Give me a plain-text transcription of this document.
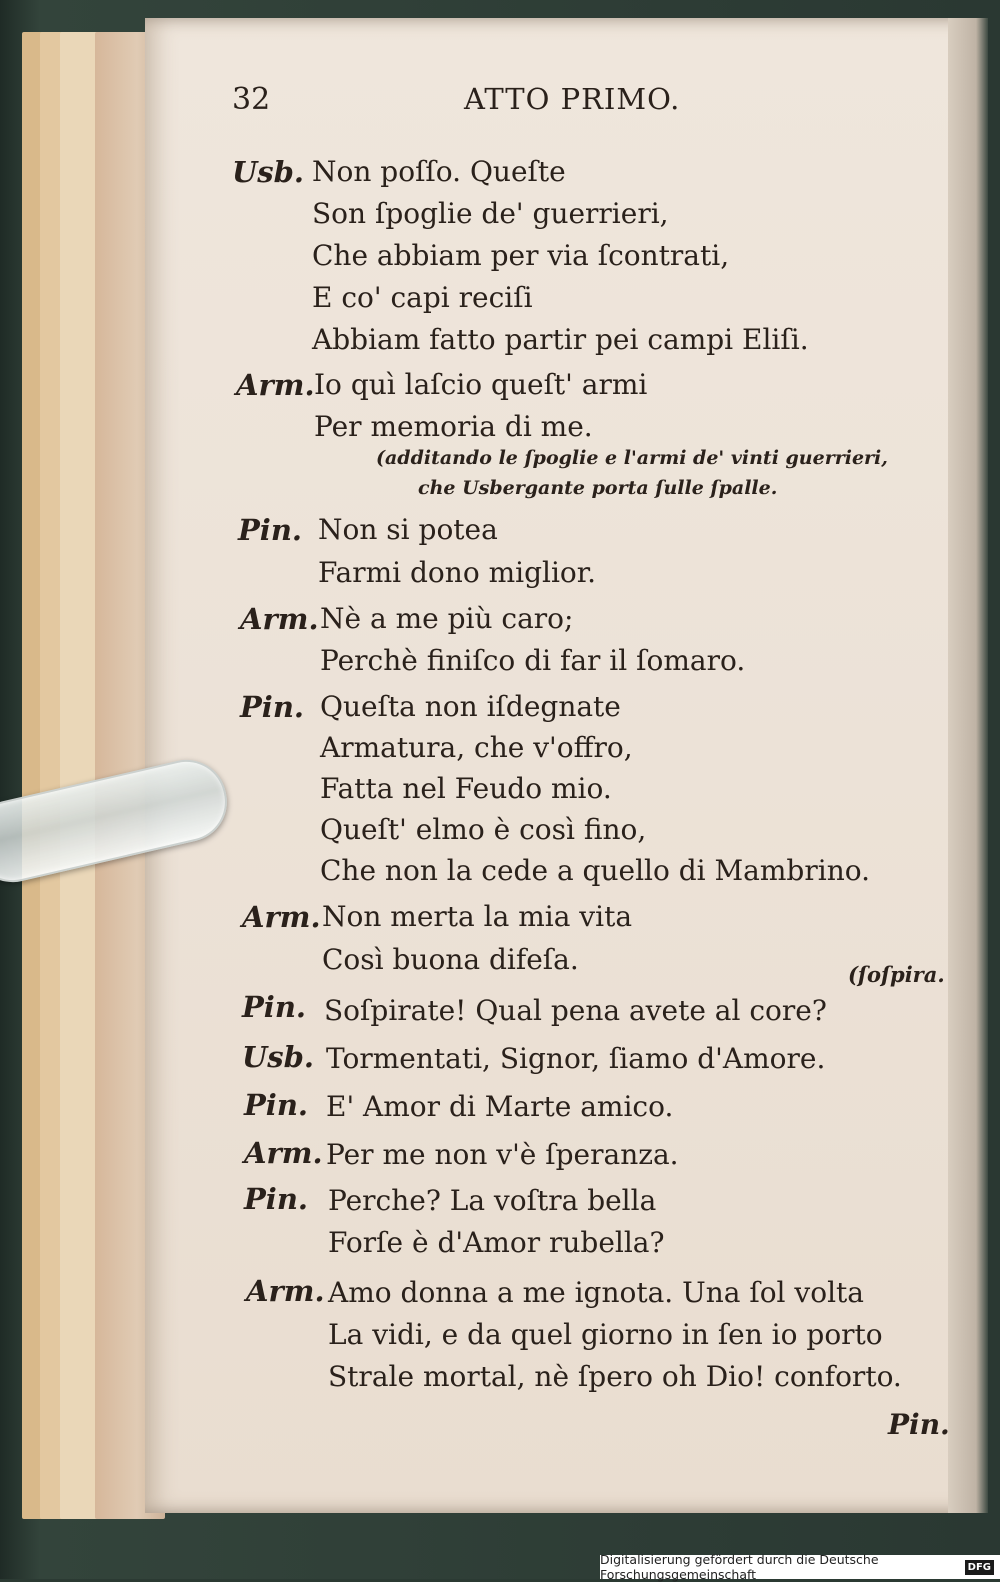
32	ATTO PRIMO.
Usb. Non poſſo. Queſte
Son ſpoglie de' guerrieri,
Che abbiam per via ſcontrati,
E co' capi reciſi
Abbiam fatto partir pei campi Eliſi.
Arm. Io quì laſcio queſt' armi
Per memoria di me.
(additando le ſpoglie e l'armi de' vinti guerrieri,
che Usbergante porta ſulle ſpalle.
Pin. Non si potea
Farmi dono miglior.
Arm. Nè a me più caro;
Perchè finiſco di far il ſomaro.
Pin. Queſta non iſdegnate
Armatura, che v'offro,
Fatta nel Feudo mio.
Queſt' elmo è così fino,
Che non la cede a quello di Mambrino.
Arm. Non merta la mia vita
Così buona difeſa.	(ſoſpira.
Pin. Soſpirate! Qual pena avete al core?
Usb. Tormentati, Signor, ſiamo d'Amore.
Pin. E' Amor di Marte amico.
Arm. Per me non v'è ſperanza.
Pin. Perche? La voſtra bella
Forſe è d'Amor rubella?
Arm. Amo donna a me ignota. Una ſol volta
La vidi, e da quel giorno in ſen io porto
Strale mortal, nè ſpero oh Dio! conforto.
Pin.
Digitalisierung gefördert durch die Deutsche Forschungsgemeinschaft	DFG
